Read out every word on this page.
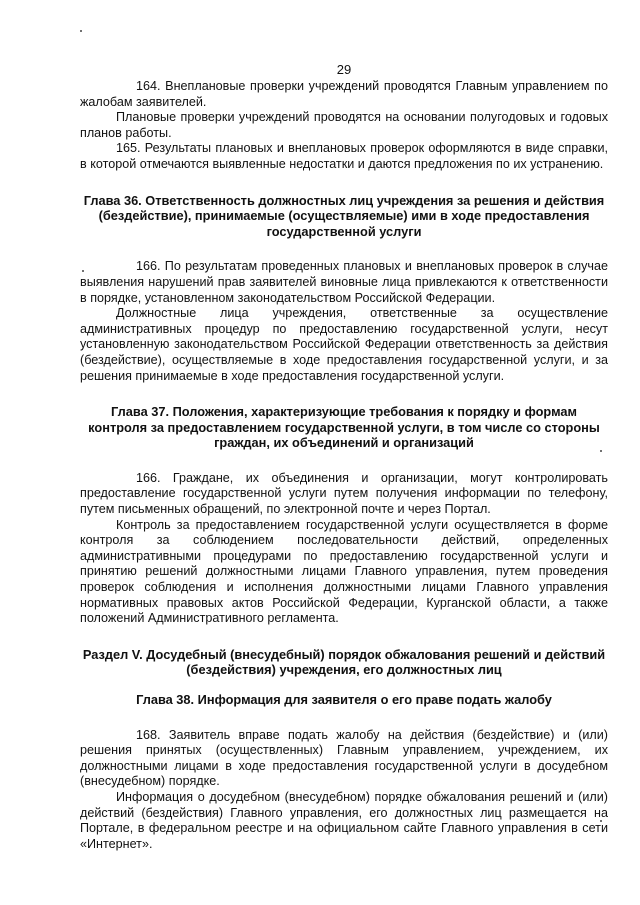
29

164. Внеплановые проверки учреждений проводятся Главным управлением по жалобам заявителей.

Плановые проверки учреждений проводятся на основании полугодовых и годовых планов работы.

165. Результаты плановых и внеплановых проверок оформляются в виде справки, в которой отмечаются выявленные недостатки и даются предложения по их устранению.

Глава 36. Ответственность должностных лиц учреждения за решения и действия (бездействие), принимаемые (осуществляемые) ими в ходе предоставления государственной услуги

166. По результатам проведенных плановых и внеплановых проверок в случае выявления нарушений прав заявителей виновные лица привлекаются к ответственности в порядке, установленном законодательством Российской Федерации.

Должностные лица учреждения, ответственные за осуществление административных процедур по предоставлению государственной услуги, несут установленную законодательством Российской Федерации ответственность за действия (бездействие), осуществляемые в ходе предоставления государственной услуги, и за решения принимаемые в ходе предоставления государственной услуги.

Глава 37. Положения, характеризующие требования к порядку и формам контроля за предоставлением государственной услуги, в том числе со стороны граждан, их объединений и организаций

166. Граждане, их объединения и организации, могут контролировать предоставление государственной услуги путем получения информации по телефону, путем письменных обращений, по электронной почте и через Портал.

Контроль за предоставлением государственной услуги осуществляется в форме контроля за соблюдением последовательности действий, определенных административными процедурами по предоставлению государственной услуги и принятию решений должностными лицами Главного управления, путем проведения проверок соблюдения и исполнения должностными лицами Главного управления нормативных правовых актов Российской Федерации, Курганской области, а также положений Административного регламента.

Раздел V. Досудебный (внесудебный) порядок обжалования решений и действий (бездействия) учреждения, его должностных лиц
Глава 38. Информация для заявителя о его праве подать жалобу

168. Заявитель вправе подать жалобу на действия (бездействие) и (или) решения принятых (осуществленных) Главным управлением, учреждением, их должностными лицами в ходе предоставления государственной услуги в досудебном (внесудебном) порядке.

Информация о досудебном (внесудебном) порядке обжалования решений и (или) действий (бездействия) Главного управления, его должностных лиц размещается на Портале, в федеральном реестре и на официальном сайте Главного управления в сети «Интернет».
